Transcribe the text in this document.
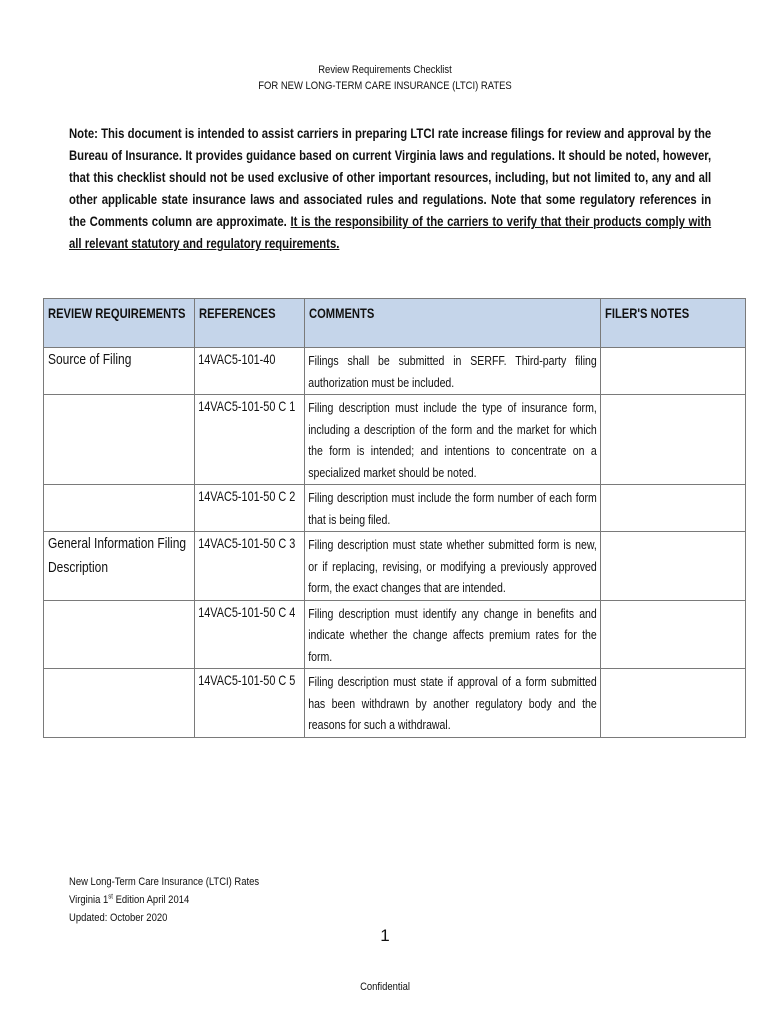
Review Requirements Checklist
FOR NEW LONG-TERM CARE INSURANCE (LTCI) RATES
Note: This document is intended to assist carriers in preparing LTCI rate increase filings for review and approval by the Bureau of Insurance. It provides guidance based on current Virginia laws and regulations. It should be noted, however, that this checklist should not be used exclusive of other important resources, including, but not limited to, any and all other applicable state insurance laws and associated rules and regulations. Note that some regulatory references in the Comments column are approximate. It is the responsibility of the carriers to verify that their products comply with all relevant statutory and regulatory requirements.
REVIEW REQUIREMENTS	REFERENCES	COMMENTS	FILER'S NOTES

Source of Filing	14VAC5-101-40	Filings shall be submitted in SERFF. Third-party filing authorization must be included.	

	14VAC5-101-50 C 1	Filing description must include the type of insurance form, including a description of the form and the market for which the form is intended; and intentions to concentrate on a specialized market should be noted.	

	14VAC5-101-50 C 2	Filing description must include the form number of each form that is being filed.	

General Information Filing Description	14VAC5-101-50 C 3	Filing description must state whether submitted form is new, or if replacing, revising, or modifying a previously approved form, the exact changes that are intended.	

	14VAC5-101-50 C 4	Filing description must identify any change in benefits and indicate whether the change affects premium rates for the form.	

	14VAC5-101-50 C 5	Filing description must state if approval of a form submitted has been withdrawn by another regulatory body and the reasons for such a withdrawal.	

New Long-Term Care Insurance (LTCI) Rates
Virginia 1st Edition April 2014
Updated: October 2020
1
Confidential
